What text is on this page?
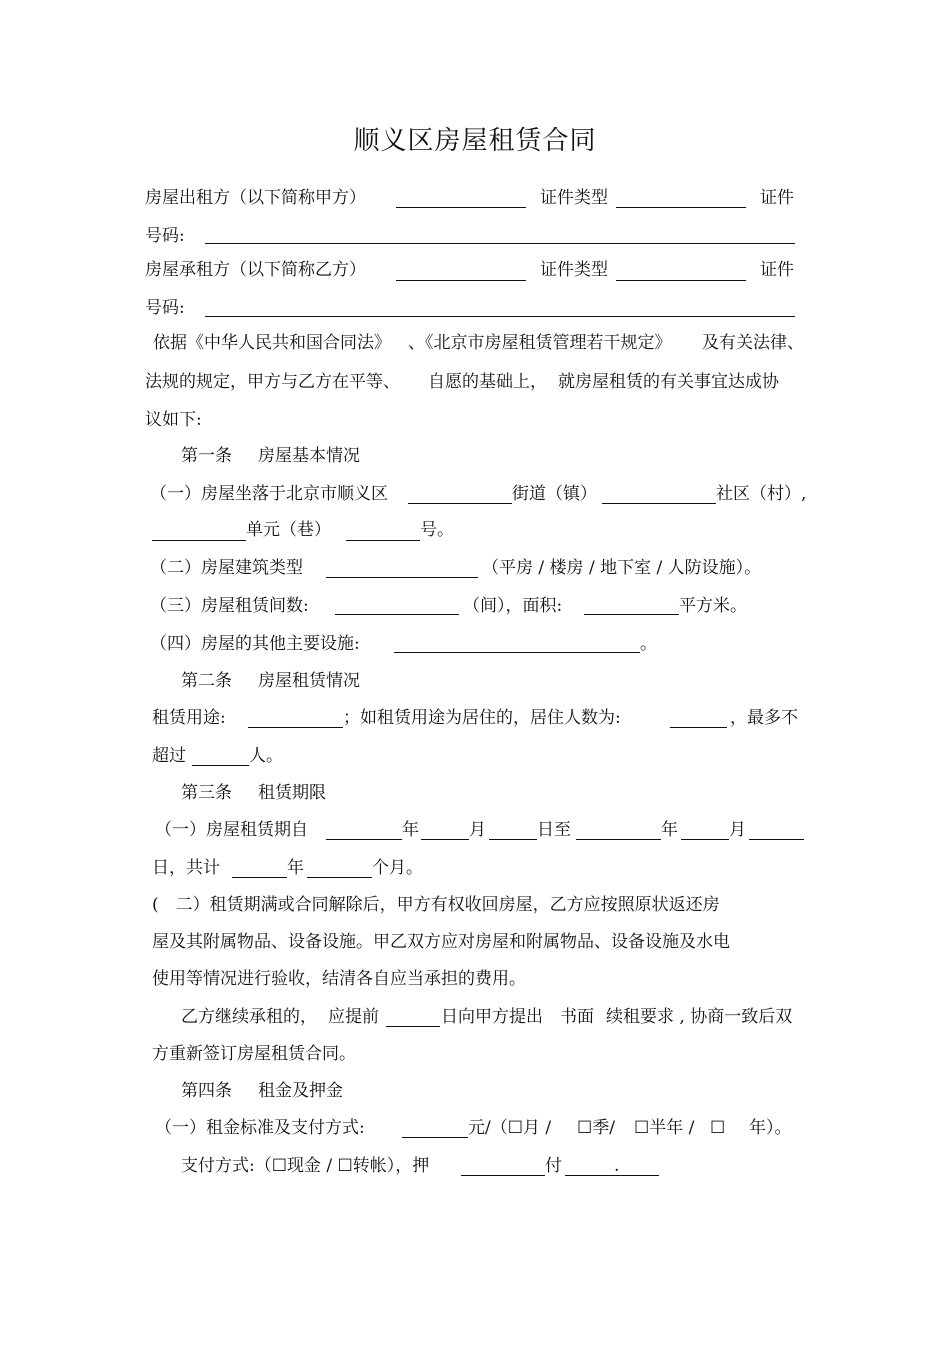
顺义区房屋租赁合同
房屋出租方（以下简称甲方）	证件类型	证件
号码:
房屋承租方（以下简称乙方）	证件类型	证件
号码:
依据《中华人民共和国合同法》 、《北京市房屋租赁管理若干规定》 及有关法律、
法规的规定，甲方与乙方在平等、 自愿的基础上， 就房屋租赁的有关事宜达成协
议如下:
第一条 房屋基本情况
（一）房屋坐落于北京市顺义区	街道（镇）	社区（村）,
单元（巷）	号。
（二）房屋建筑类型	（平房 / 楼房 / 地下室 / 人防设施）。
（三）房屋租赁间数:	（间），面积:	平方米。
（四）房屋的其他主要设施:	。
第二条 房屋租赁情况
租赁用途:	；如租赁用途为居住的，居住人数为:	，最多不
超过	人。
第三条 租赁期限
（一）房屋租赁期自	年	月	日至	年	月
日，共计	年	个月。
(　二）租赁期满或合同解除后，甲方有权收回房屋，乙方应按照原状返还房
屋及其附属物品、设备设施。甲乙双方应对房屋和附属物品、设备设施及水电
使用等情况进行验收，结清各自应当承担的费用。
乙方继续承租的， 应提前	日向甲方提出 书面 续租要求 , 协商一致后双
方重新签订房屋租赁合同。
第四条 租金及押金
（一）租金标准及支付方式:	元/（☐月 / ☐季/ ☐半年 / ☐ 年）。
支付方式:（☐现金 / ☐转帐），押	付	.
